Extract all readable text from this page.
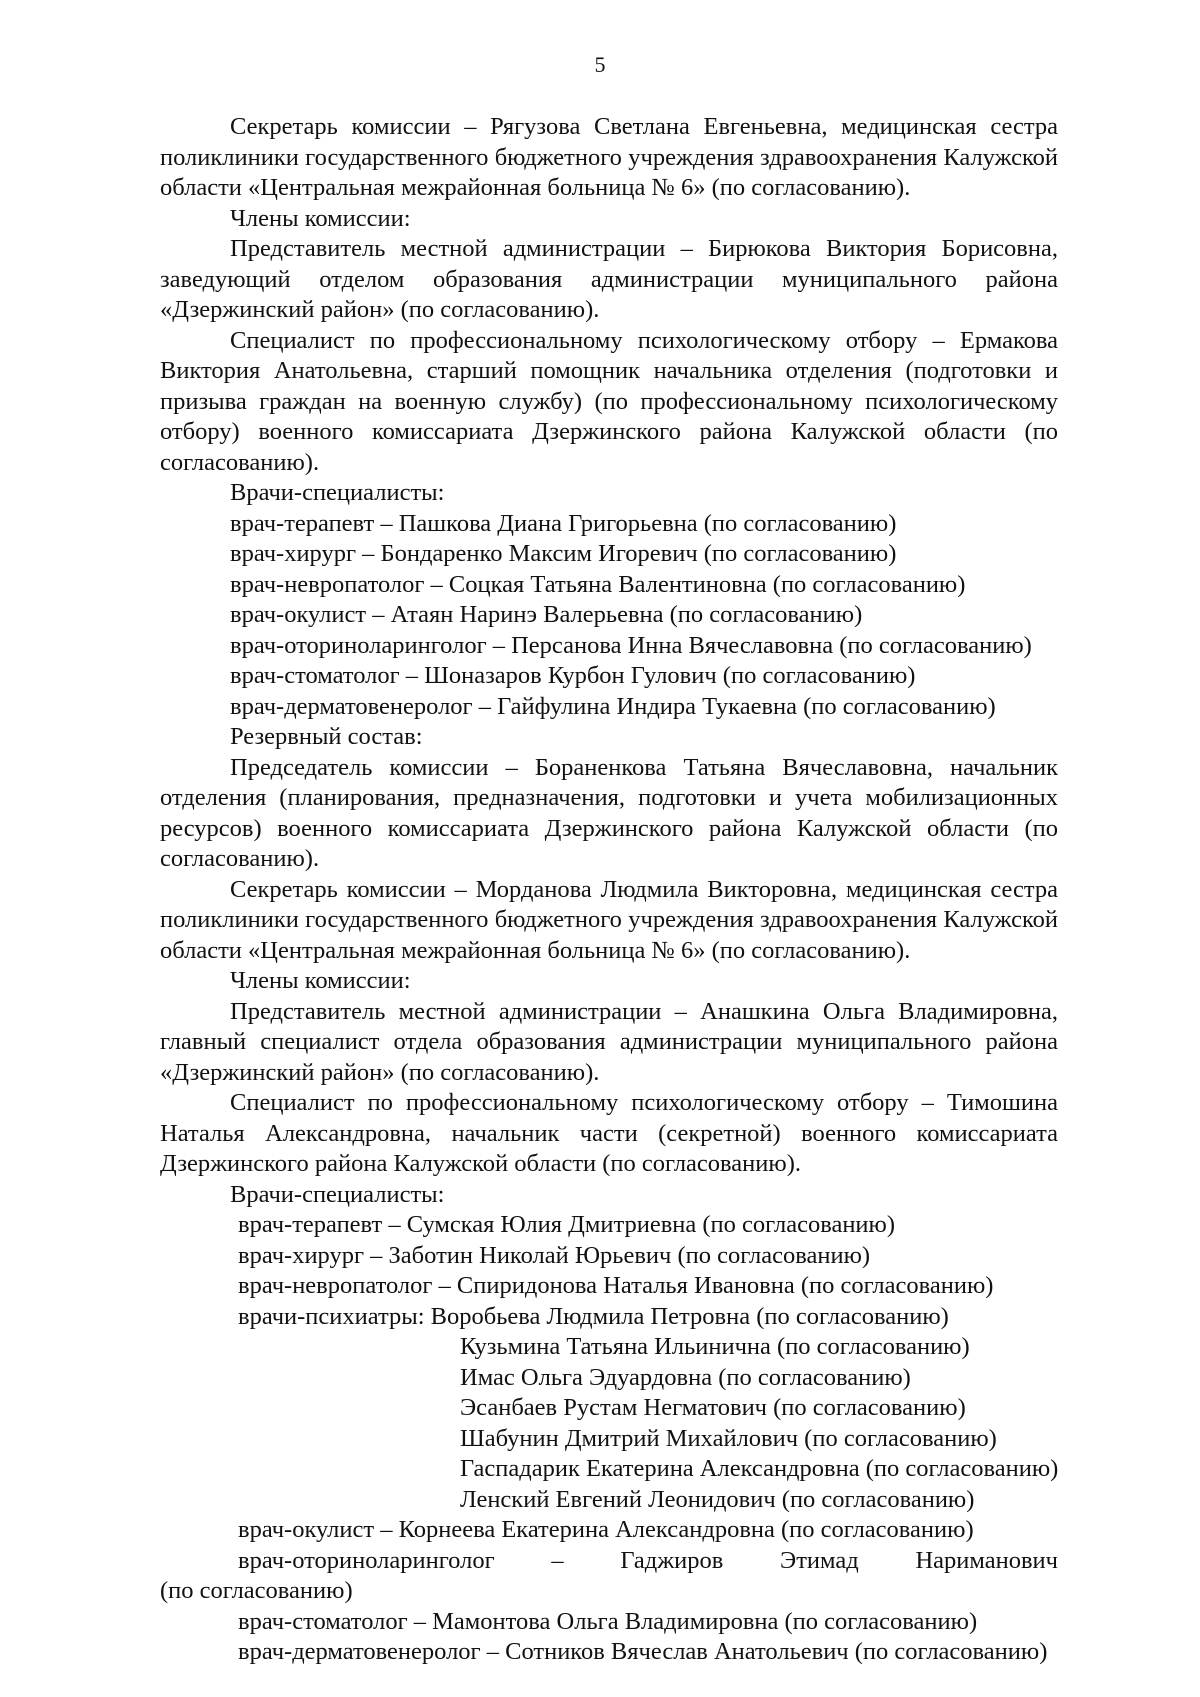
5

Секретарь комиссии – Рягузова Светлана Евгеньевна, медицинская сестра поликлиники государственного бюджетного учреждения здравоохранения Калужской области «Центральная межрайонная больница № 6» (по согласованию).

Члены комиссии:

Представитель местной администрации – Бирюкова Виктория Борисовна, заведующий отделом образования администрации муниципального района «Дзержинский район» (по согласованию).

Специалист по профессиональному психологическому отбору – Ермакова Виктория Анатольевна, старший помощник начальника отделения (подготовки и призыва граждан на военную службу) (по профессиональному психологическому отбору) военного комиссариата Дзержинского района Калужской области (по согласованию).

Врачи-специалисты:

врач-терапевт – Пашкова Диана Григорьевна (по согласованию)

врач-хирург – Бондаренко Максим Игоревич (по согласованию)

врач-невропатолог – Соцкая Татьяна Валентиновна (по согласованию)

врач-окулист – Атаян Наринэ Валерьевна (по согласованию)

врач-оториноларинголог – Персанова Инна Вячеславовна (по согласованию)

врач-стоматолог – Шоназаров Курбон Гулович (по согласованию)

врач-дерматовенеролог – Гайфулина Индира Тукаевна (по согласованию)

Резервный состав:

Председатель комиссии – Бораненкова Татьяна Вячеславовна, начальник отделения (планирования, предназначения, подготовки и учета мобилизационных ресурсов) военного комиссариата Дзержинского района Калужской области (по согласованию).

Секретарь комиссии – Морданова Людмила Викторовна, медицинская сестра поликлиники государственного бюджетного учреждения здравоохранения Калужской области «Центральная межрайонная больница № 6» (по согласованию).

Члены комиссии:

Представитель местной администрации – Анашкина Ольга Владимировна, главный специалист отдела образования администрации муниципального района «Дзержинский район» (по согласованию).

Специалист по профессиональному психологическому отбору – Тимошина Наталья Александровна, начальник части (секретной) военного комиссариата Дзержинского района Калужской области (по согласованию).

Врачи-специалисты:

врач-терапевт – Сумская Юлия Дмитриевна (по согласованию)

врач-хирург – Заботин Николай Юрьевич (по согласованию)

врач-невропатолог – Спиридонова Наталья Ивановна (по согласованию)

врачи-психиатры: Воробьева Людмила Петровна (по согласованию)

Кузьмина Татьяна Ильинична (по согласованию)

Имас Ольга Эдуардовна (по согласованию)

Эсанбаев Рустам Негматович (по согласованию)

Шабунин Дмитрий Михайлович (по согласованию)

Гаспадарик Екатерина Александровна (по согласованию)

Ленский Евгений Леонидович (по согласованию)

врач-окулист – Корнеева Екатерина Александровна (по согласованию)

врач-оториноларинголог – Гаджиров Этимад Нариманович

(по согласованию)

врач-стоматолог – Мамонтова Ольга Владимировна (по согласованию)

врач-дерматовенеролог – Сотников Вячеслав Анатольевич (по согласованию)
